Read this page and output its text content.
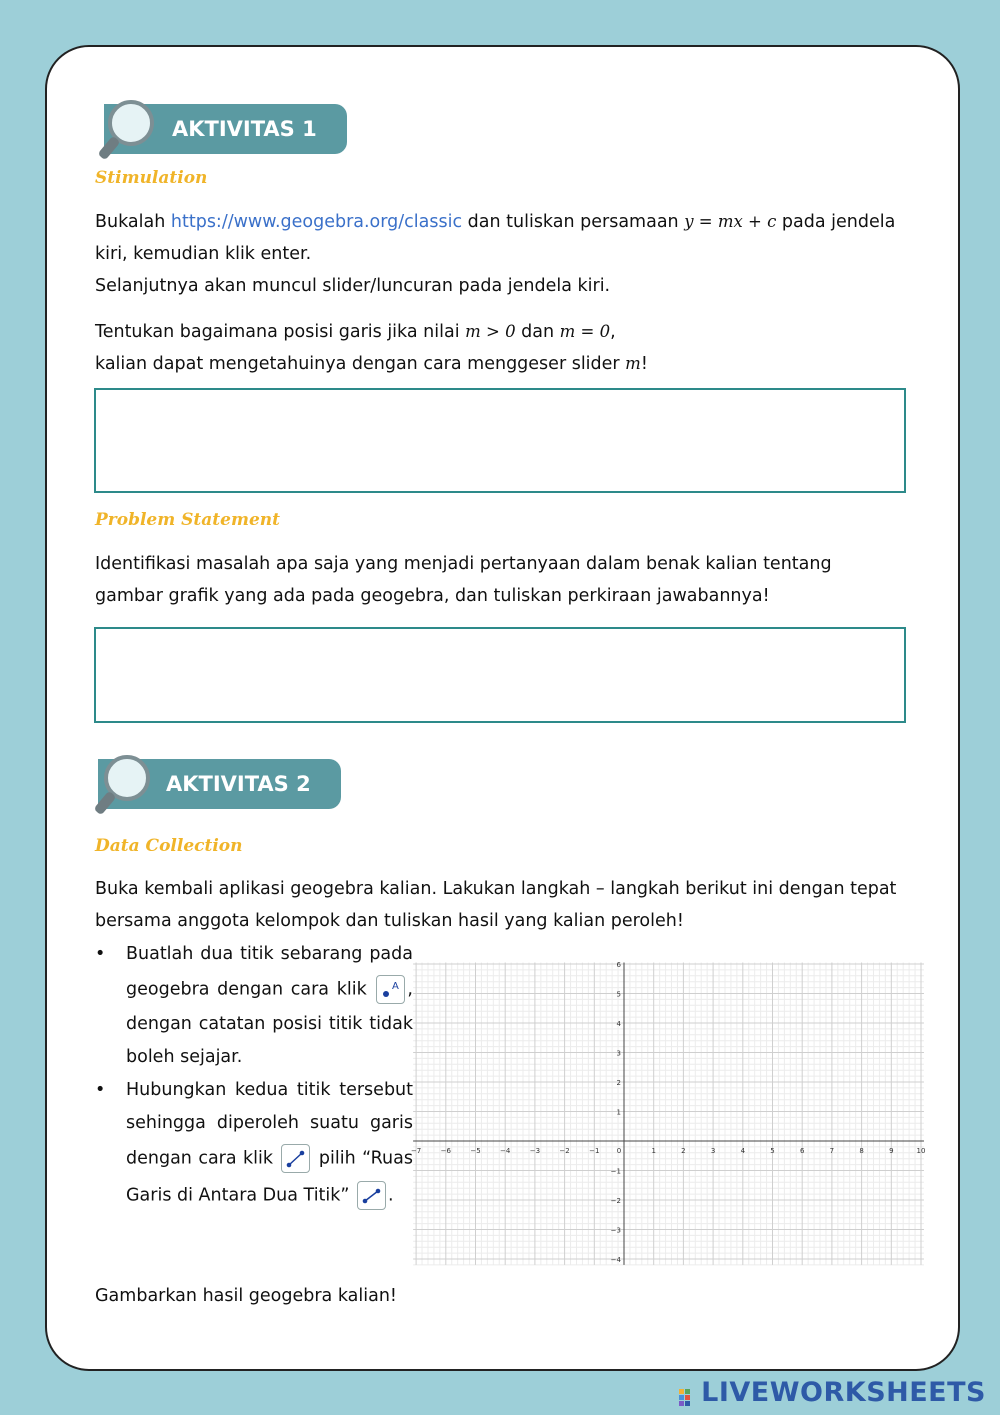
AKTIVITAS 1
Stimulation
Bukalah https://www.geogebra.org/classic dan tuliskan persamaan y = mx + c pada jendela kiri, kemudian klik enter.
Selanjutnya akan muncul slider/luncuran pada jendela kiri.
Tentukan bagaimana posisi garis jika nilai m > 0 dan m = 0,
kalian dapat mengetahuinya dengan cara menggeser slider m!
Problem Statement
Identifikasi masalah apa saja yang menjadi pertanyaan dalam benak kalian tentang gambar grafik yang ada pada geogebra, dan tuliskan perkiraan jawabannya!
AKTIVITAS 2
Data Collection
Buka kembali aplikasi geogebra kalian. Lakukan langkah – langkah berikut ini dengan tepat bersama anggota kelompok dan tuliskan hasil yang kalian peroleh!
• Buatlah dua titik sebarang pada geogebra dengan cara klik A , dengan catatan posisi titik tidak boleh sejajar.
• Hubungkan kedua titik tersebut sehingga diperoleh suatu garis dengan cara klik  pilih “Ruas Garis di Antara Dua Titik” .
−7	−6	−5	−4	−3	−2	−1 0	1	2	3	4	5	6	7	8	9	10
6
5
4
3
2
1
−1
−2
−3
−4
Gambarkan hasil geogebra kalian!
LIVEWORKSHEETS
